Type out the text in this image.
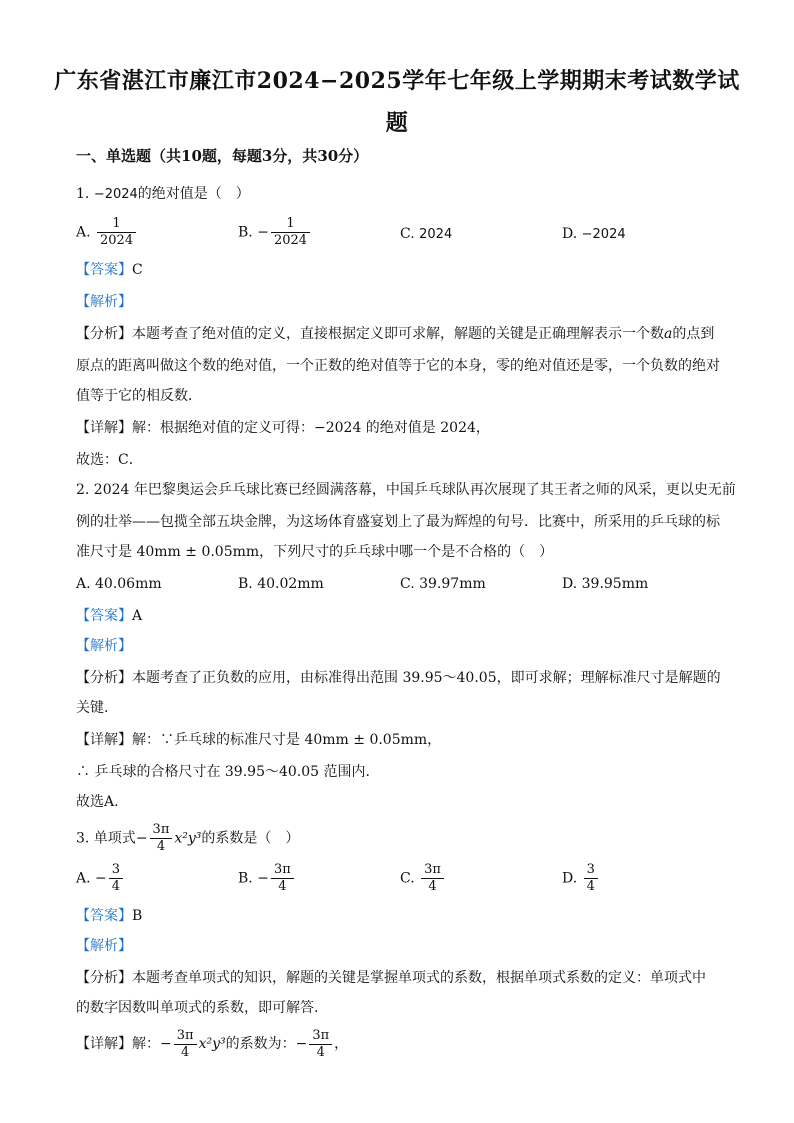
广东省湛江市廉江市2024−2025学年七年级上学期期末考试数学试
题
一、单选题（共10题，每题3分，共30分）
1. −2024的绝对值是（　）
A. $\frac{1}{2024}$	B. − $\frac{1}{2024}$	C. 2024	D. −2024
【答案】C
【解析】
【分析】本题考查了绝对值的定义，直接根据定义即可求解，解题的关键是正确理解表示一个数a的点到
原点的距离叫做这个数的绝对值，一个正数的绝对值等于它的本身，零的绝对值还是零，一个负数的绝对
值等于它的相反数．
【详解】解：根据绝对值的定义可得：−2024 的绝对值是 2024，
故选：C．
2. 2024 年巴黎奥运会乒乓球比赛已经圆满落幕，中国乒乓球队再次展现了其王者之师的风采，更以史无前
例的壮举——包揽全部五块金牌，为这场体育盛宴划上了最为辉煌的句号．比赛中，所采用的乒乓球的标
准尺寸是 40mm ± 0.05mm，下列尺寸的乒乓球中哪一个是不合格的（　）
A. 40.06mm	B. 40.02mm	C. 39.97mm	D. 39.95mm
【答案】A
【解析】
【分析】本题考查了正负数的应用，由标准得出范围 39.95～40.05，即可求解；理解标准尺寸是解题的
关键.
【详解】解：∵乒乓球的标准尺寸是 40mm ± 0.05mm，
∴ 乒乓球的合格尺寸在 39.95～40.05 范围内.
故选A.
3. 单项式− $\frac{3\pi}{4} x^2y^3$的系数是（　）
A. − $\frac{3}{4}$	B. − $\frac{3\pi}{4}$	C. $\frac{3\pi}{4}$	D. $\frac{3}{4}$
【答案】B
【解析】
【分析】本题考查单项式的知识，解题的关键是掌握单项式的系数，根据单项式系数的定义：单项式中
的数字因数叫单项式的系数，即可解答.
【详解】解：− $\frac{3\pi}{4} x^2y^3$的系数为：− $\frac{3\pi}{4}$ ，
